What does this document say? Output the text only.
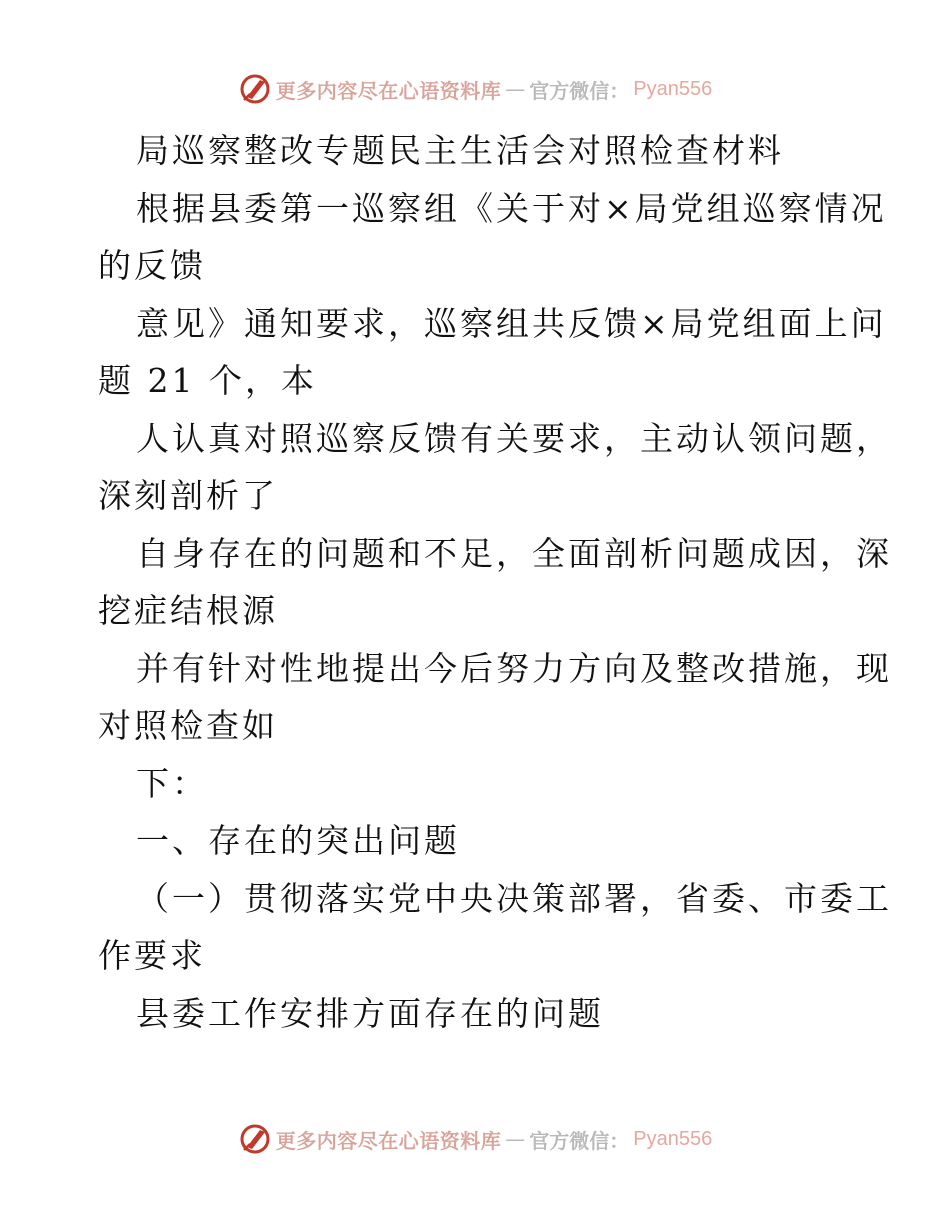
更多内容尽在心语资料库 — 官方微信： Pyan556
局巡察整改专题民主生活会对照检查材料
根据县委第一巡察组《关于对×局党组巡察情况
的反馈
意见》通知要求，巡察组共反馈×局党组面上问
题 21 个，本
人认真对照巡察反馈有关要求，主动认领问题，
深刻剖析了
自身存在的问题和不足，全面剖析问题成因，深
挖症结根源
并有针对性地提出今后努力方向及整改措施，现
对照检查如
下：
一、存在的突出问题
（一）贯彻落实党中央决策部署，省委、市委工
作要求
县委工作安排方面存在的问题
更多内容尽在心语资料库 — 官方微信： Pyan556
